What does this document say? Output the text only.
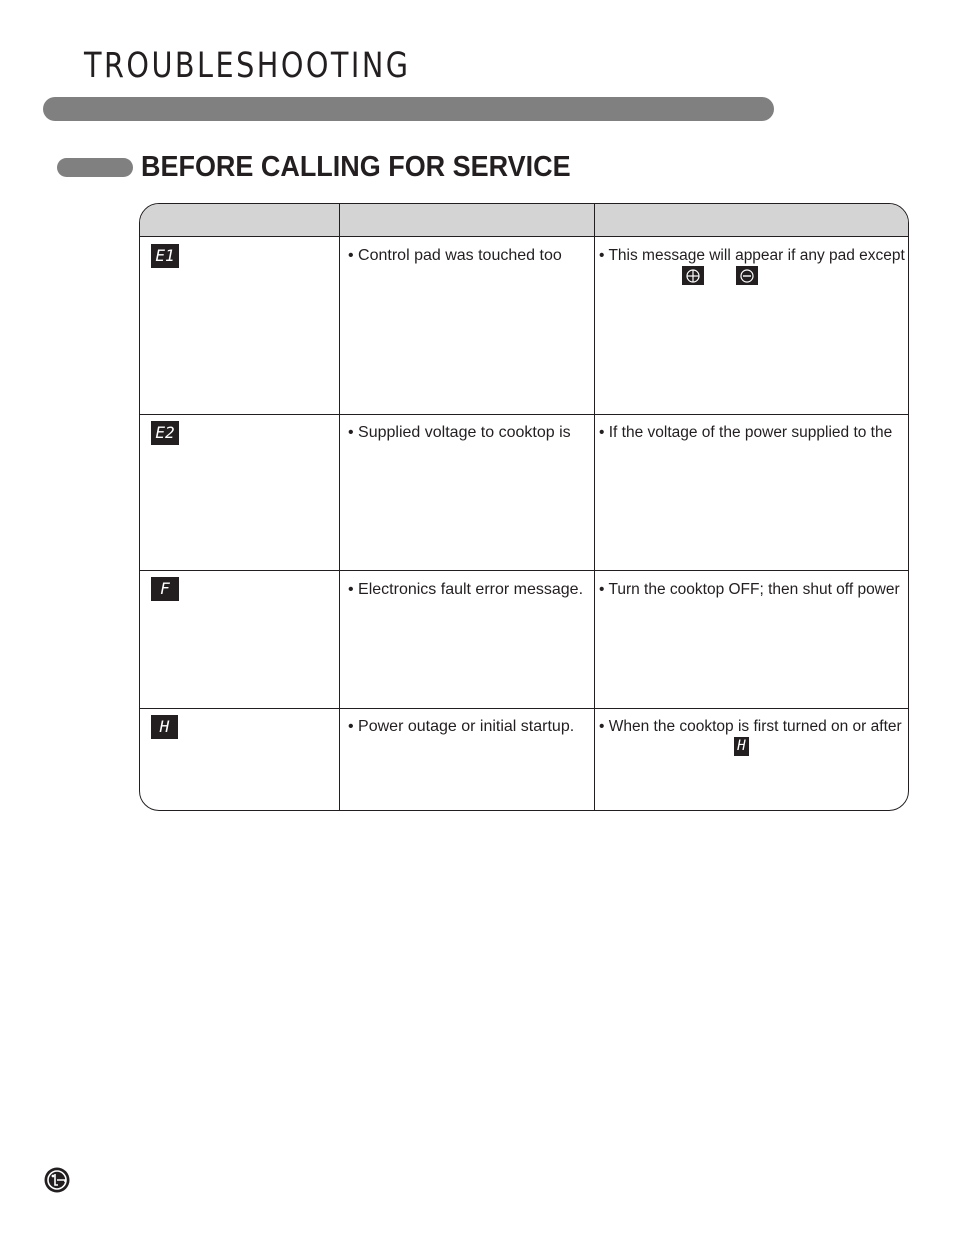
TROUBLESHOOTING
BEFORE CALLING FOR SERVICE
E1	• Control pad was touched too • This message will appear if any pad except
E2	• Supplied voltage to cooktop is • If the voltage of the power supplied to the
F	• Electronics fault error message. • Turn the cooktop OFF; then shut off power
H	• Power outage or initial startup. • When the cooktop is first turned on or after
H
